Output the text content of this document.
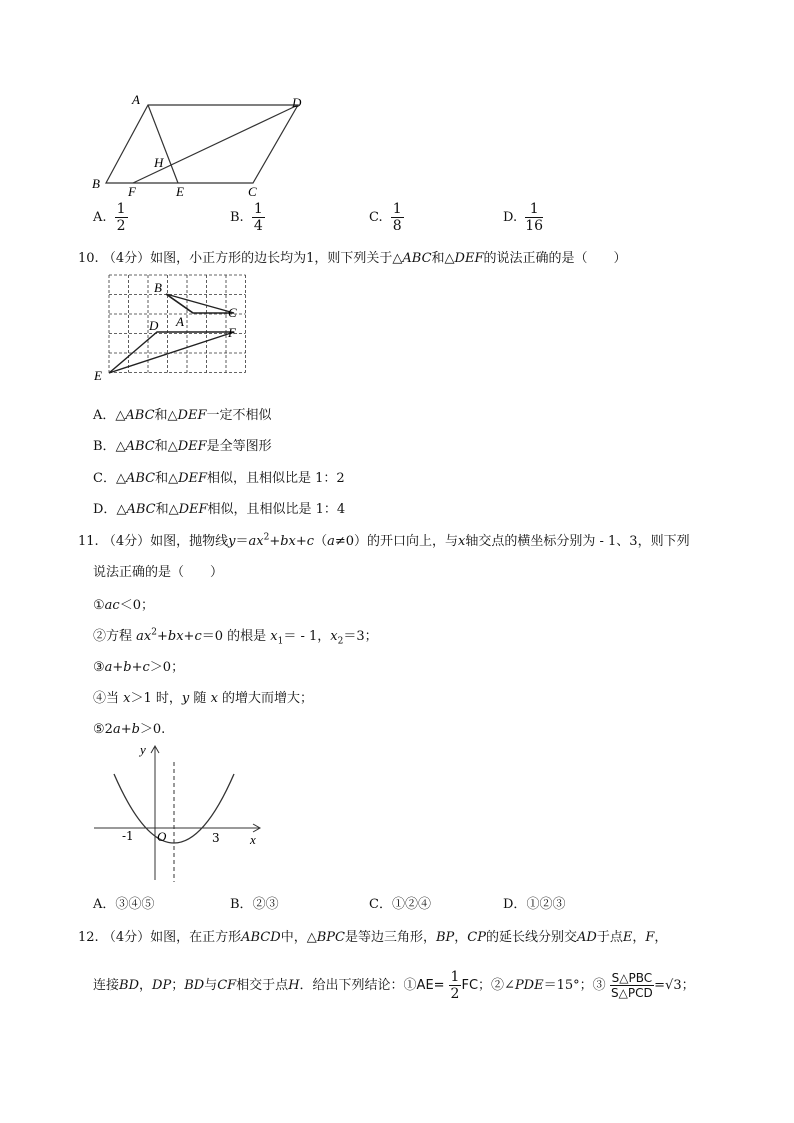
A	D
B
F	E	C
H
A. $\frac{1}{2}$	B. $\frac{1}{4}$	C. $\frac{1}{8}$	D. $\frac{1}{16}$
10. （4分）如图，小正方形的边长均为1，则下列关于△ABC和△DEF的说法正确的是（　　）
B
A
C
D	F
E
A．△ABC和△DEF一定不相似
B．△ABC和△DEF是全等图形
C．△ABC和△DEF相似，且相似比是 1：2
D．△ABC和△DEF相似，且相似比是 1：4
11. （4分）如图，抛物线$y=ax^2+bx+c(a\ne 0)$的开口向上，与x轴交点的横坐标分别为 - 1、3，则下列
说法正确的是（　　）
①ac＜0；
②方程 $ax^2+bx+c=0$ 的根是 $x_1= - 1$，$x_2=3$；
③a+b+c＞0；
④当 x＞1 时，y 随 x 的增大而增大；
⑤2a+b＞0.
y
x
O
-1	3
A．③④⑤	B．②③	C．①②④	D．①②③
12. （4分）如图，在正方形ABCD中，△BPC是等边三角形，BP，CP的延长线分别交AD于点E，F，
连接BD，DP；BD与CF相交于点H．给出下列结论：①AE= $\frac{1}{2}$ FC；②∠PDE＝15°；③ $\frac{\text{S△PBC}}{\text{S△PCD}} =√3$；
